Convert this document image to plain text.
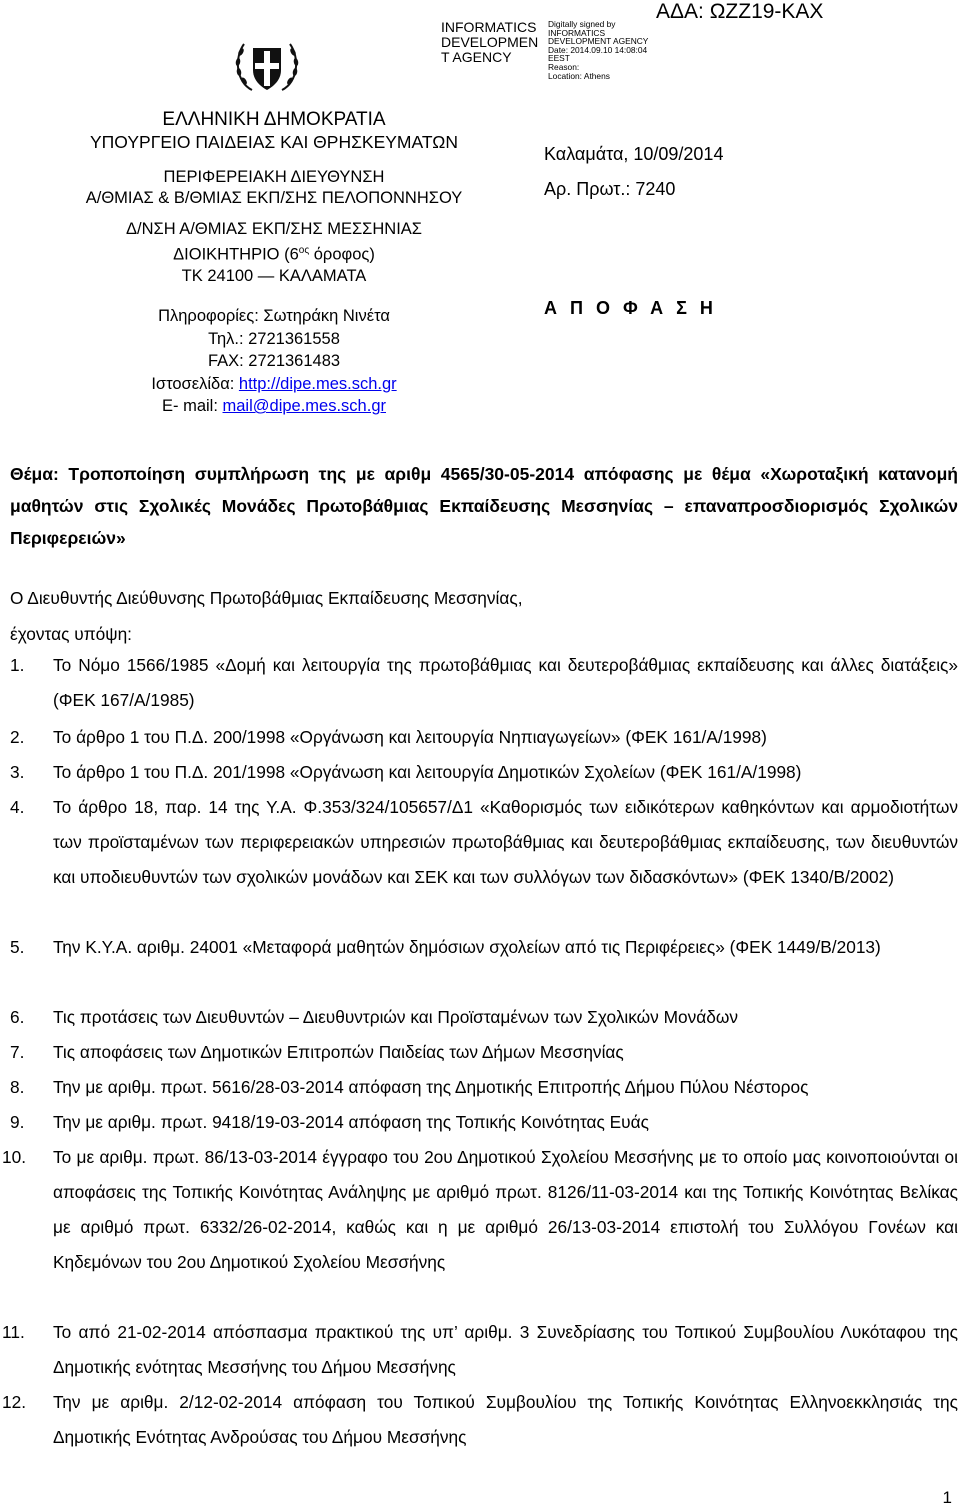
INFORMATICS
DEVELOPMEN
T AGENCY
Digitally signed by
INFORMATICS
DEVELOPMENT AGENCY
Date: 2014.09.10 14:08:04
EEST
Reason:
Location: Athens
ΑΔΑ: ΩΖΖ19-ΚΑΧ
ΕΛΛΗΝΙΚΗ ΔΗΜΟΚΡΑΤΙΑ
ΥΠΟΥΡΓΕΙΟ ΠΑΙΔΕΙΑΣ ΚΑΙ ΘΡΗΣΚΕΥΜΑΤΩΝ
ΠΕΡΙΦΕΡΕΙΑΚΗ ΔΙΕΥΘΥΝΣΗ
Α/ΘΜΙΑΣ & Β/ΘΜΙΑΣ ΕΚΠ/ΣΗΣ ΠΕΛΟΠΟΝΝΗΣΟΥ
Δ/ΝΣΗ Α/ΘΜΙΑΣ ΕΚΠ/ΣΗΣ ΜΕΣΣΗΝΙΑΣ
ΔΙΟΙΚΗΤΗΡΙΟ ($6^{o\varsigma}$ όροφος)
ΤΚ 24100 — ΚΑΛΑΜΑΤΑ
Πληροφορίες: Σωτηράκη Νινέτα
Τηλ.: 2721361558
FAX: 2721361483
Ιστοσελίδα: http://dipe.mes.sch.gr
E- mail: mail@dipe.mes.sch.gr
Καλαμάτα, 10/09/2014
Αρ. Πρωτ.: 7240
Α Π Ο Φ Α Σ Η
Θέμα: Τροποποίηση συμπλήρωση της με αριθμ 4565/30-05-2014 απόφασης με θέμα «Χωροταξική κατανομή μαθητών στις Σχολικές Μονάδες Πρωτοβάθμιας Εκπαίδευσης Μεσσηνίας – επαναπροσδιορισμός Σχολικών Περιφερειών»
Ο Διευθυντής Διεύθυνσης Πρωτοβάθμιας Εκπαίδευσης Μεσσηνίας,
έχοντας υπόψη:
1. Το Νόμο 1566/1985 «Δομή και λειτουργία της πρωτοβάθμιας και δευτεροβάθμιας εκπαίδευσης και άλλες διατάξεις» (ΦΕΚ 167/Α/1985)
2. Το άρθρο 1 του Π.Δ. 200/1998 «Οργάνωση και λειτουργία Νηπιαγωγείων» (ΦΕΚ 161/Α/1998)
3. Το άρθρο 1 του Π.Δ. 201/1998 «Οργάνωση και λειτουργία Δημοτικών Σχολείων (ΦΕΚ 161/Α/1998)
4. Το άρθρο 18, παρ. 14 της Υ.Α. Φ.353/324/105657/Δ1 «Καθορισμός των ειδικότερων καθηκόντων και αρμοδιοτήτων των προϊσταμένων των περιφερειακών υπηρεσιών πρωτοβάθμιας και δευτεροβάθμιας εκπαίδευσης, των διευθυντών και υποδιευθυντών των σχολικών μονάδων και ΣΕΚ και των συλλόγων των διδασκόντων» (ΦΕΚ 1340/Β/2002)
5. Την Κ.Υ.Α. αριθμ. 24001 «Μεταφορά μαθητών δημόσιων σχολείων από τις Περιφέρειες» (ΦΕΚ 1449/Β/2013)
6. Τις προτάσεις των Διευθυντών – Διευθυντριών και Προϊσταμένων των Σχολικών Μονάδων
7. Τις αποφάσεις των Δημοτικών Επιτροπών Παιδείας των Δήμων Μεσσηνίας
8. Την με αριθμ. πρωτ. 5616/28-03-2014 απόφαση της Δημοτικής Επιτροπής Δήμου Πύλου Νέστορος
9. Την με αριθμ. πρωτ. 9418/19-03-2014 απόφαση της Τοπικής Κοινότητας Ευάς
10. Το με αριθμ. πρωτ. 86/13-03-2014 έγγραφο του 2ου Δημοτικού Σχολείου Μεσσήνης με το οποίο μας κοινοποιούνται οι αποφάσεις της Τοπικής Κοινότητας Ανάληψης με αριθμό πρωτ. 8126/11-03-2014 και της Τοπικής Κοινότητας Βελίκας με αριθμό πρωτ. 6332/26-02-2014, καθώς και η με αριθμό 26/13-03-2014 επιστολή του Συλλόγου Γονέων και Κηδεμόνων του 2ου Δημοτικού Σχολείου Μεσσήνης
11. Το από 21-02-2014 απόσπασμα πρακτικού της υπ’ αριθμ. 3 Συνεδρίασης του Τοπικού Συμβουλίου Λυκόταφου της Δημοτικής ενότητας Μεσσήνης του Δήμου Μεσσήνης
12. Την με αριθμ. 2/12-02-2014 απόφαση του Τοπικού Συμβουλίου της Τοπικής Κοινότητας Ελληνοεκκλησιάς της Δημοτικής Ενότητας Ανδρούσας του Δήμου Μεσσήνης
1
